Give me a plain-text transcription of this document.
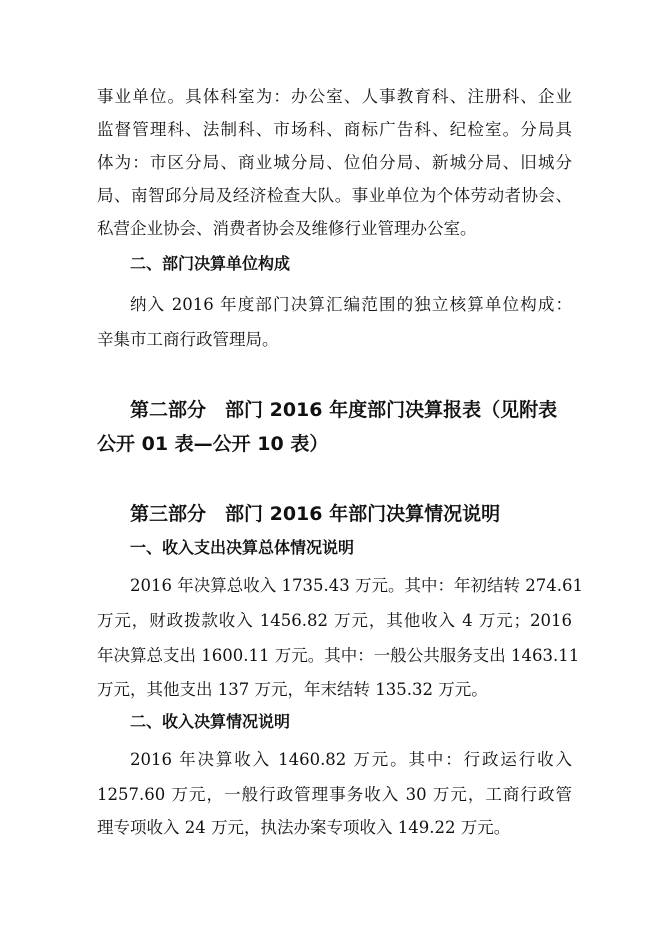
事业单位。具体科室为：办公室、人事教育科、注册科、企业
监督管理科、法制科、市场科、商标广告科、纪检室。分局具
体为：市区分局、商业城分局、位伯分局、新城分局、旧城分
局、南智邱分局及经济检查大队。事业单位为个体劳动者协会、
私营企业协会、消费者协会及维修行业管理办公室。
二、部门决算单位构成
纳入 2016 年度部门决算汇编范围的独立核算单位构成：
辛集市工商行政管理局。
第二部分　部门 2016 年度部门决算报表（见附表
公开 01 表—公开 10 表）
第三部分　部门 2016 年部门决算情况说明
一、收入支出决算总体情况说明
2016 年决算总收入 1735.43 万元。其中：年初结转 274.61
万元，财政拨款收入 1456.82 万元，其他收入 4 万元；2016
年决算总支出 1600.11 万元。其中：一般公共服务支出 1463.11
万元，其他支出 137 万元，年末结转 135.32 万元。
二、收入决算情况说明
2016 年决算收入 1460.82 万元。其中：行政运行收入
1257.60 万元，一般行政管理事务收入 30 万元，工商行政管
理专项收入 24 万元，执法办案专项收入 149.22 万元。
